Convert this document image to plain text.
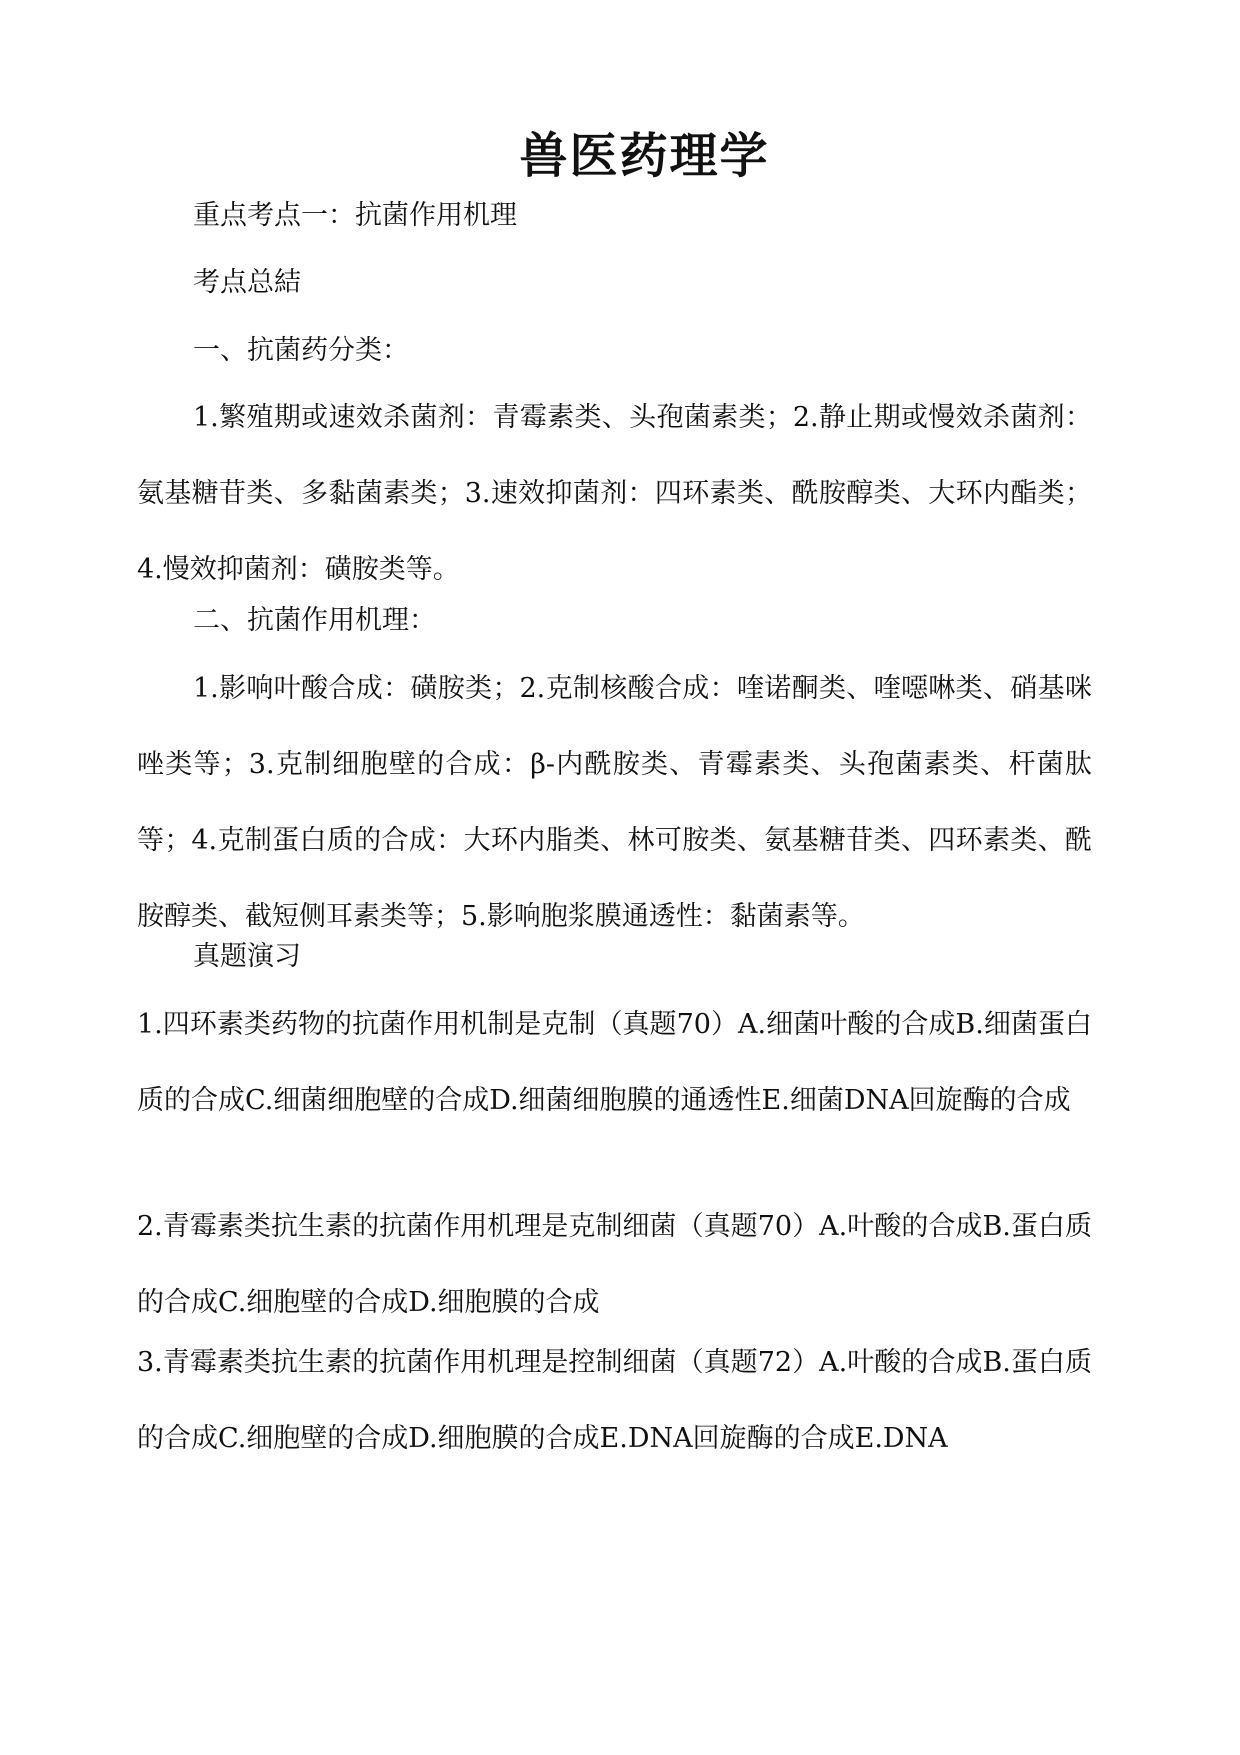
兽医药理学

重点考点一：抗菌作用机理

考点总結

一、抗菌药分类：

1.繁殖期或速效杀菌剂：青霉素类、头孢菌素类；2.静止期或慢效杀菌剂：氨基糖苷类、多黏菌素类；3.速效抑菌剂：四环素类、酰胺醇类、大环内酯类；4.慢效抑菌剂：磺胺类等。

二、抗菌作用机理：

1.影响叶酸合成：磺胺类；2.克制核酸合成：喹诺酮类、喹噁啉类、硝基咪唑类等；3.克制细胞壁的合成：β-内酰胺类、青霉素类、头孢菌素类、杆菌肽等；4.克制蛋白质的合成：大环内脂类、林可胺类、氨基糖苷类、四环素类、酰胺醇类、截短侧耳素类等；5.影响胞浆膜通透性：黏菌素等。

真题演习

1.四环素类药物的抗菌作用机制是克制（真题70）A.细菌叶酸的合成B.细菌蛋白质的合成C.细菌细胞壁的合成D.细菌细胞膜的通透性E.细菌DNA回旋酶的合成

2.青霉素类抗生素的抗菌作用机理是克制细菌（真题70）A.叶酸的合成B.蛋白质的合成C.细胞壁的合成D.细胞膜的合成

3.青霉素类抗生素的抗菌作用机理是控制细菌（真题72）A.叶酸的合成B.蛋白质的合成C.细胞壁的合成D.细胞膜的合成E.DNA回旋酶的合成E.DNA
